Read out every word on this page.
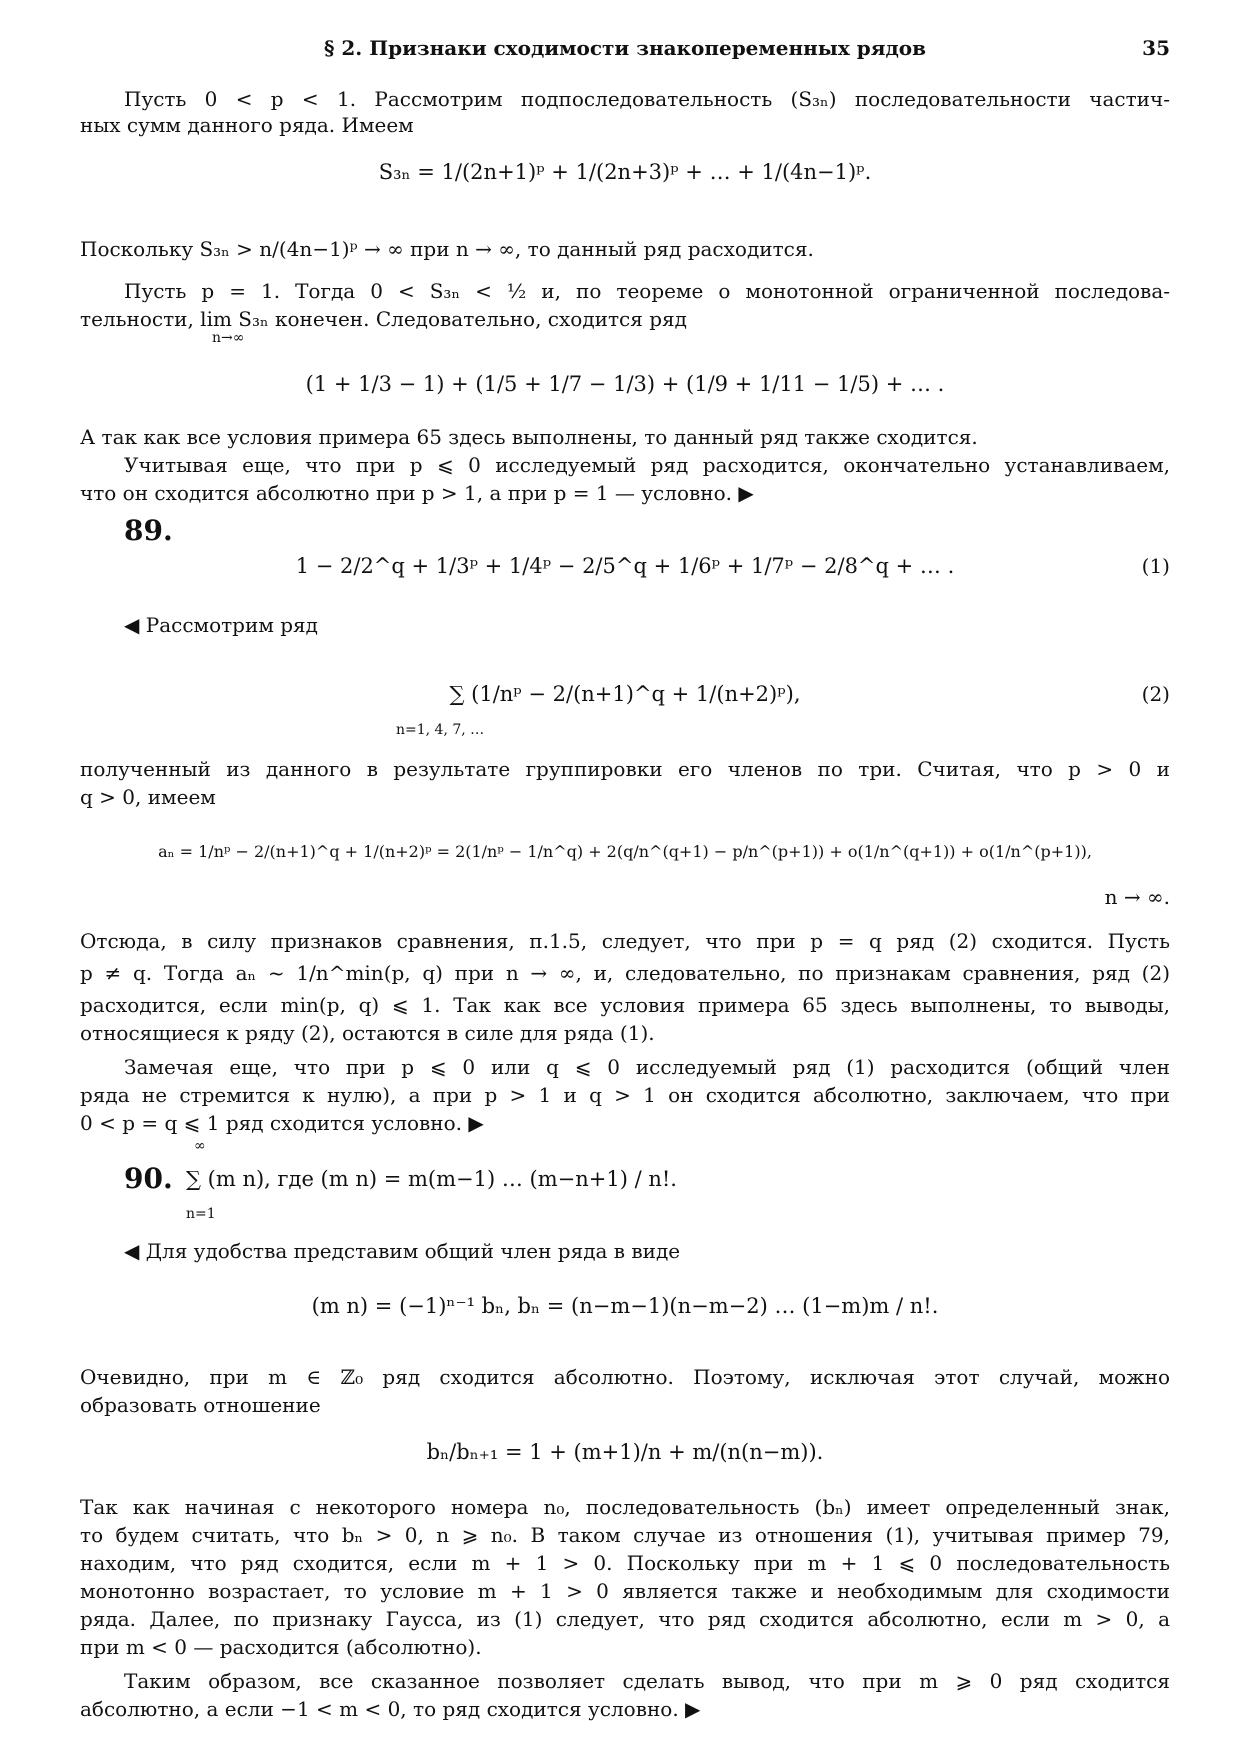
§ 2. Признаки сходимости знакопеременных рядов	35
Пусть 0 < p < 1. Рассмотрим подпоследовательность (S₃ₙ) последовательности частич-
ных сумм данного ряда. Имеем
S₃ₙ = 1/(2n+1)ᵖ + 1/(2n+3)ᵖ + … + 1/(4n−1)ᵖ.
Поскольку S₃ₙ > n/(4n−1)ᵖ → ∞ при n → ∞, то данный ряд расходится.
Пусть p = 1. Тогда 0 < S₃ₙ < ½ и, по теореме о монотонной ограниченной последова-
тельности, lim S₃ₙ конечен. Следовательно, сходится ряд
n→∞
(1 + 1/3 − 1) + (1/5 + 1/7 − 1/3) + (1/9 + 1/11 − 1/5) + … .
А так как все условия примера 65 здесь выполнены, то данный ряд также сходится.
Учитывая еще, что при p ⩽ 0 исследуемый ряд расходится, окончательно устанавливаем,
что он сходится абсолютно при p > 1, а при p = 1 — условно. ▶
89.
1 − 2/2^q + 1/3ᵖ + 1/4ᵖ − 2/5^q + 1/6ᵖ + 1/7ᵖ − 2/8^q + … .	(1)
◀ Рассмотрим ряд
∑ (1/nᵖ − 2/(n+1)^q + 1/(n+2)ᵖ),	(2)
n=1, 4, 7, …
полученный из данного в результате группировки его членов по три. Считая, что p > 0 и
q > 0, имеем
aₙ = 1/nᵖ − 2/(n+1)^q + 1/(n+2)ᵖ = 2(1/nᵖ − 1/n^q) + 2(q/n^(q+1) − p/n^(p+1)) + o(1/n^(q+1)) + o(1/n^(p+1)),
n → ∞.
Отсюда, в силу признаков сравнения, п.1.5, следует, что при p = q ряд (2) сходится. Пусть
p ≠ q. Тогда aₙ ~ 1/n^min(p, q) при n → ∞, и, следовательно, по признакам сравнения, ряд (2)
расходится, если min(p, q) ⩽ 1. Так как все условия примера 65 здесь выполнены, то выводы,
относящиеся к ряду (2), остаются в силе для ряда (1).
Замечая еще, что при p ⩽ 0 или q ⩽ 0 исследуемый ряд (1) расходится (общий член
ряда не стремится к нулю), а при p > 1 и q > 1 он сходится абсолютно, заключаем, что при
0 < p = q ⩽ 1 ряд сходится условно. ▶
90.
∞
∑ (m n), где (m n) = m(m−1) … (m−n+1) / n!.
n=1
◀ Для удобства представим общий член ряда в виде
(m n) = (−1)ⁿ⁻¹ bₙ, bₙ = (n−m−1)(n−m−2) … (1−m)m / n!.
Очевидно, при m ∈ ℤ₀ ряд сходится абсолютно. Поэтому, исключая этот случай, можно
образовать отношение
bₙ/bₙ₊₁ = 1 + (m+1)/n + m/(n(n−m)).
Так как начиная с некоторого номера n₀, последовательность (bₙ) имеет определенный знак,
то будем считать, что bₙ > 0, n ⩾ n₀. В таком случае из отношения (1), учитывая пример 79,
находим, что ряд сходится, если m + 1 > 0. Поскольку при m + 1 ⩽ 0 последовательность
монотонно возрастает, то условие m + 1 > 0 является также и необходимым для сходимости
ряда. Далее, по признаку Гаусса, из (1) следует, что ряд сходится абсолютно, если m > 0, а
при m < 0 — расходится (абсолютно).
Таким образом, все сказанное позволяет сделать вывод, что при m ⩾ 0 ряд сходится
абсолютно, а если −1 < m < 0, то ряд сходится условно. ▶
